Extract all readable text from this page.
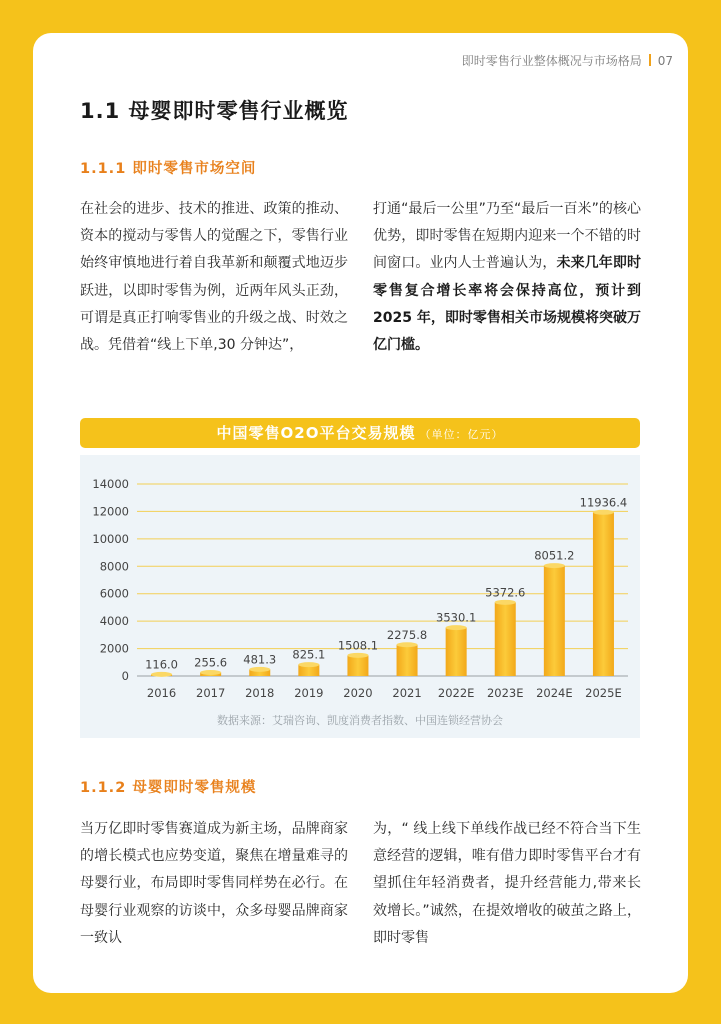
即时零售行业整体概况与市场格局 07
1.1 母婴即时零售行业概览
1.1.1 即时零售市场空间
在社会的进步、技术的推进、政策的推动、资本的搅动与零售人的觉醒之下，零售行业始终审慎地进行着自我革新和颠覆式地迈步跃进，以即时零售为例，近两年风头正劲，可谓是真正打响零售业的升级之战、时效之战。凭借着“线上下单,30 分钟达”，
打通“最后一公里”乃至“最后一百米”的核心优势，即时零售在短期内迎来一个不错的时间窗口。业内人士普遍认为，未来几年即时零售复合增长率将会保持高位，预计到 2025 年，即时零售相关市场规模将突破万亿门槛。
中国零售O2O平台交易规模 （单位：亿元）
0
2000
4000
6000
8000
10000
12000
14000
116.0
2016
255.6
2017
481.3
2018
825.1
2019
1508.1
2020
2275.8
2021
3530.1
2022E
5372.6
2023E
8051.2
2024E
11936.4
2025E
数据来源：艾瑞咨询、凯度消费者指数、中国连锁经营协会
1.1.2 母婴即时零售规模
当万亿即时零售赛道成为新主场，品牌商家的增长模式也应势变道，聚焦在增量难寻的母婴行业，布局即时零售同样势在必行。在母婴行业观察的访谈中，众多母婴品牌商家一致认
为，“ 线上线下单线作战已经不符合当下生意经营的逻辑，唯有借力即时零售平台才有望抓住年轻消费者，提升经营能力,带来长效增长。”诚然，在提效增收的破茧之路上，即时零售
